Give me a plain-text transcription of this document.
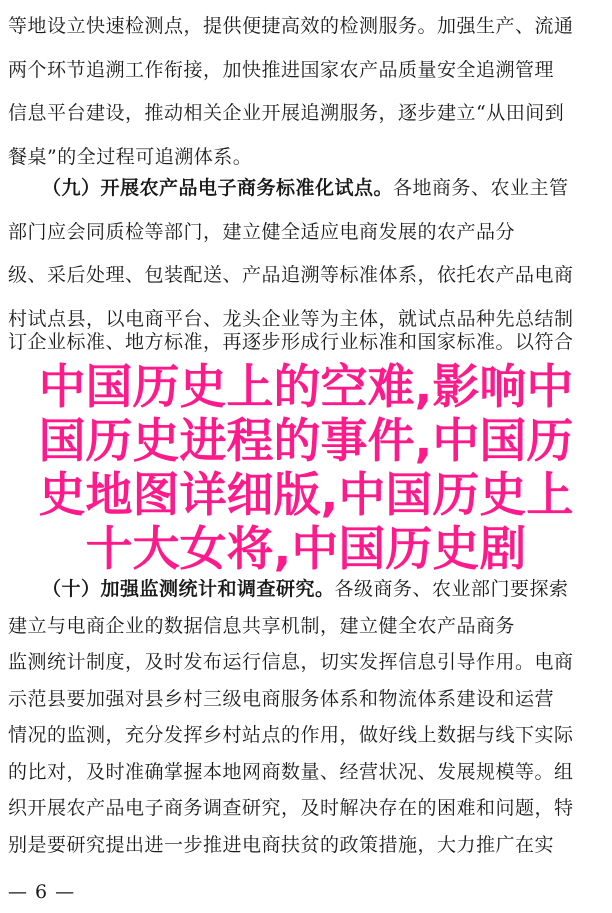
等地设立快速检测点，提供便捷高效的检测服务。加强生产、流通
两个环节追溯工作衔接，加快推进国家农产品质量安全追溯管理
信息平台建设，推动相关企业开展追溯服务，逐步建立“从田间到
餐桌”的全过程可追溯体系。
（九）开展农产品电子商务标准化试点。各地商务、农业主管
部门应会同质检等部门，建立健全适应电商发展的农产品分
级、采后处理、包装配送、产品追溯等标准体系，依托农产品电商
村试点县，以电商平台、龙头企业等为主体，就试点品种先总结制
订企业标准、地方标准，再逐步形成行业标准和国家标准。以符合
中国历史上的空难,影响中
国历史进程的事件,中国历
史地图详细版,中国历史上
十大女将,中国历史剧
（十）加强监测统计和调查研究。各级商务、农业部门要探索
建立与电商企业的数据信息共享机制，建立健全农产品商务
监测统计制度，及时发布运行信息，切实发挥信息引导作用。电商
示范县要加强对县乡村三级电商服务体系和物流体系建设和运营
情况的监测，充分发挥乡村站点的作用，做好线上数据与线下实际
的比对，及时准确掌握本地网商数量、经营状况、发展规模等。组
织开展农产品电子商务调查研究，及时解决存在的困难和问题，特
别是要研究提出进一步推进电商扶贫的政策措施，大力推广在实
— 6 —
